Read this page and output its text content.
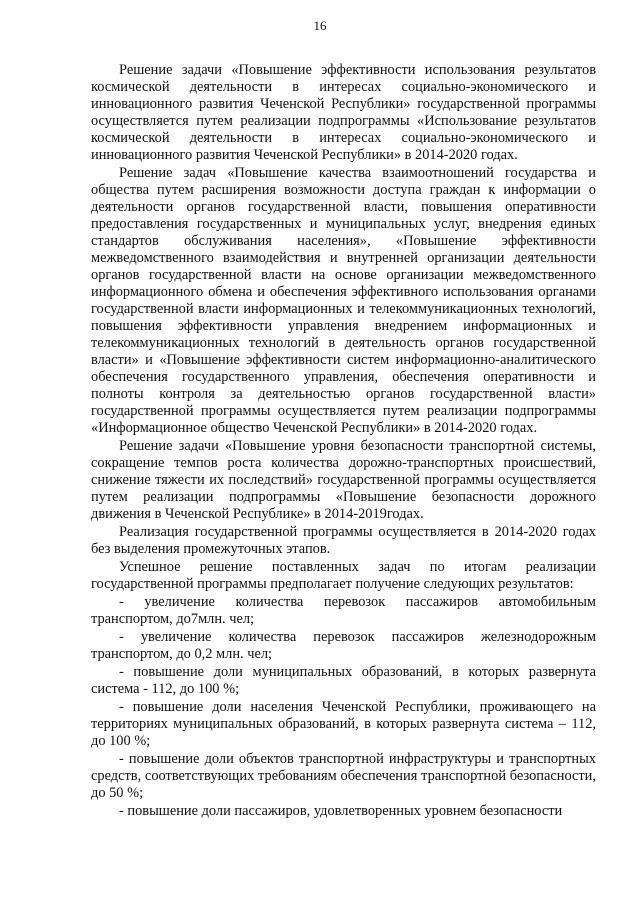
16

Решение задачи «Повышение эффективности использования результатов космической деятельности в интересах социально-экономического и инновационного развития Чеченской Республики» государственной программы осуществляется путем реализации подпрограммы «Использование результатов космической деятельности в интересах социально-экономического и инновационного развития Чеченской Республики» в 2014-2020 годах.

Решение задач «Повышение качества взаимоотношений государства и общества путем расширения возможности доступа граждан к информации о деятельности органов государственной власти, повышения оперативности предоставления государственных и муниципальных услуг, внедрения единых стандартов обслуживания населения», «Повышение эффективности межведомственного взаимодействия и внутренней организации деятельности органов государственной власти на основе организации межведомственного информационного обмена и обеспечения эффективного использования органами государственной власти информационных и телекоммуникационных технологий, повышения эффективности управления внедрением информационных и телекоммуникационных технологий в деятельность органов государственной власти» и «Повышение эффективности систем информационно-аналитического обеспечения государственного управления, обеспечения оперативности и полноты контроля за деятельностью органов государственной власти» государственной программы осуществляется путем реализации подпрограммы «Информационное общество Чеченской Республики» в 2014-2020 годах.

Решение задачи «Повышение уровня безопасности транспортной системы, сокращение темпов роста количества дорожно-транспортных происшествий, снижение тяжести их последствий» государственной программы осуществляется путем реализации подпрограммы «Повышение безопасности дорожного движения в Чеченской Республике» в 2014-2019годах.

Реализация государственной программы осуществляется в 2014-2020 годах без выделения промежуточных этапов.

Успешное решение поставленных задач по итогам реализации государственной программы предполагает получение следующих результатов:

- увеличение количества перевозок пассажиров автомобильным транспортом, до7млн. чел;

- увеличение количества перевозок пассажиров железнодорожным транспортом, до 0,2 млн. чел;

- повышение доли муниципальных образований, в которых развернута система - 112, до 100 %;

- повышение доли населения Чеченской Республики, проживающего на территориях муниципальных образований, в которых развернута система – 112, до 100 %;

- повышение доли объектов транспортной инфраструктуры и транспортных средств, соответствующих требованиям обеспечения транспортной безопасности, до 50 %;

- повышение доли пассажиров, удовлетворенных уровнем безопасности
